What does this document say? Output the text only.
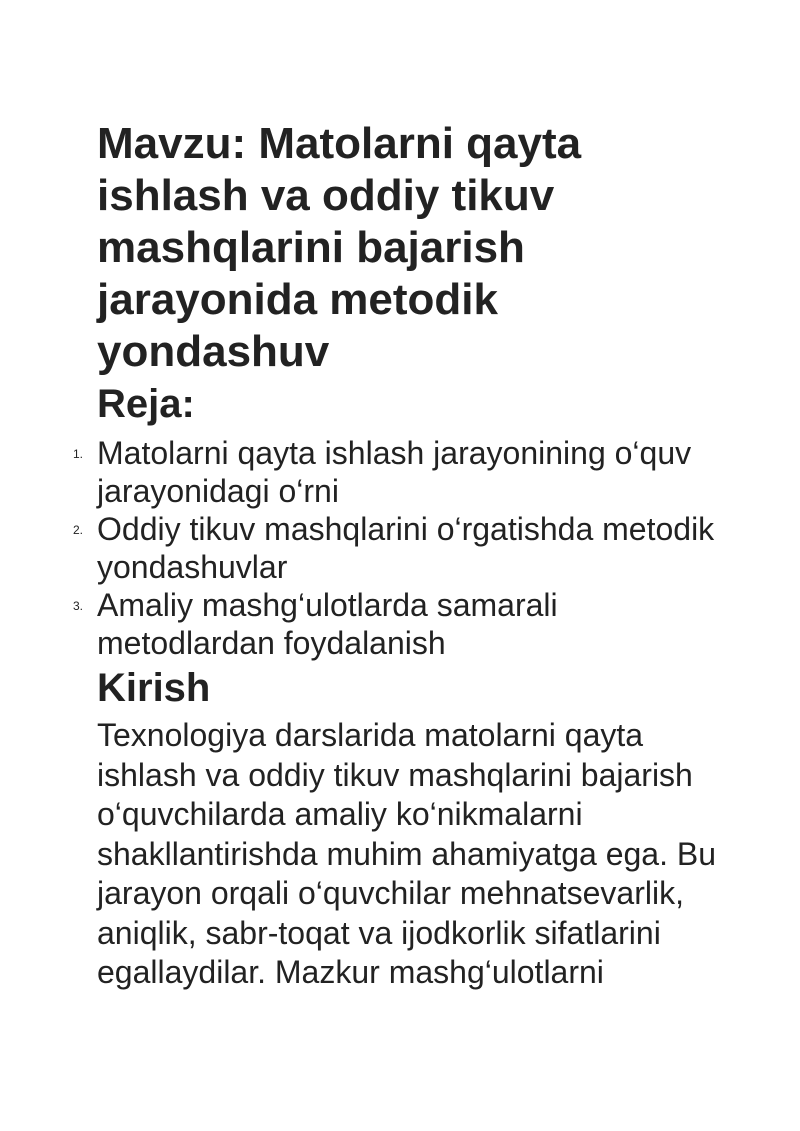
Mavzu: Matolarni qayta ishlash va oddiy tikuv mashqlarini bajarish jarayonida metodik yondashuv
Reja:
1. Matolarni qayta ishlash jarayonining o‘quv jarayonidagi o‘rni
2. Oddiy tikuv mashqlarini o‘rgatishda metodik yondashuvlar
3. Amaliy mashg‘ulotlarda samarali metodlardan foydalanish
Kirish

Texnologiya darslarida matolarni qayta ishlash va oddiy tikuv mashqlarini bajarish o‘quvchilarda amaliy ko‘nikmalarni shakllantirishda muhim ahamiyatga ega. Bu jarayon orqali o‘quvchilar mehnatsevarlik, aniqlik, sabr-toqat va ijodkorlik sifatlarini egallaydilar. Mazkur mashg‘ulotlarni
